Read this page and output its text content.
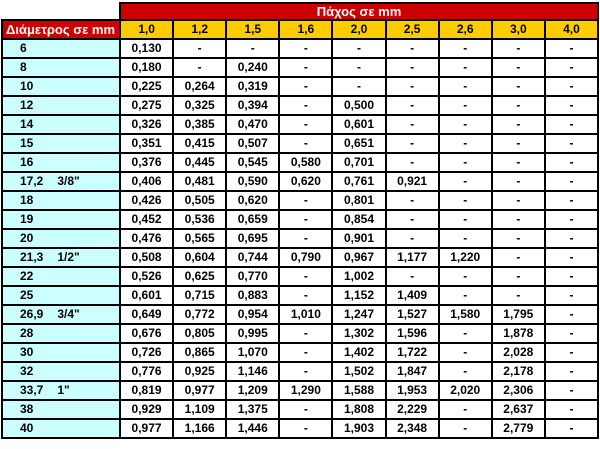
	Πάχος σε mm								
Διάμετρος σε mm	1,0	1,2	1,5	1,6	2,0	2,5	2,6	3,0	4,0
6	0,130	-	-	-	-	-	-	-	-
8	0,180	-	0,240	-	-	-	-	-	-
10	0,225	0,264	0,319	-	-	-	-	-	-
12	0,275	0,325	0,394	-	0,500	-	-	-	-
14	0,326	0,385	0,470	-	0,601	-	-	-	-
15	0,351	0,415	0,507	-	0,651	-	-	-	-
16	0,376	0,445	0,545	0,580	0,701	-	-	-	-
17,2 3/8"	0,406	0,481	0,590	0,620	0,761	0,921	-	-	-
18	0,426	0,505	0,620	-	0,801	-	-	-	-
19	0,452	0,536	0,659	-	0,854	-	-	-	-
20	0,476	0,565	0,695	-	0,901	-	-	-	-
21,3 1/2"	0,508	0,604	0,744	0,790	0,967	1,177	1,220	-	-
22	0,526	0,625	0,770	-	1,002	-	-	-	-
25	0,601	0,715	0,883	-	1,152	1,409	-	-	-
26,9 3/4"	0,649	0,772	0,954	1,010	1,247	1,527	1,580	1,795	-
28	0,676	0,805	0,995	-	1,302	1,596	-	1,878	-
30	0,726	0,865	1,070	-	1,402	1,722	-	2,028	-
32	0,776	0,925	1,146	-	1,502	1,847	-	2,178	-
33,7 1"	0,819	0,977	1,209	1,290	1,588	1,953	2,020	2,306	-
38	0,929	1,109	1,375	-	1,808	2,229	-	2,637	-
40	0,977	1,166	1,446	-	1,903	2,348	-	2,779	-
